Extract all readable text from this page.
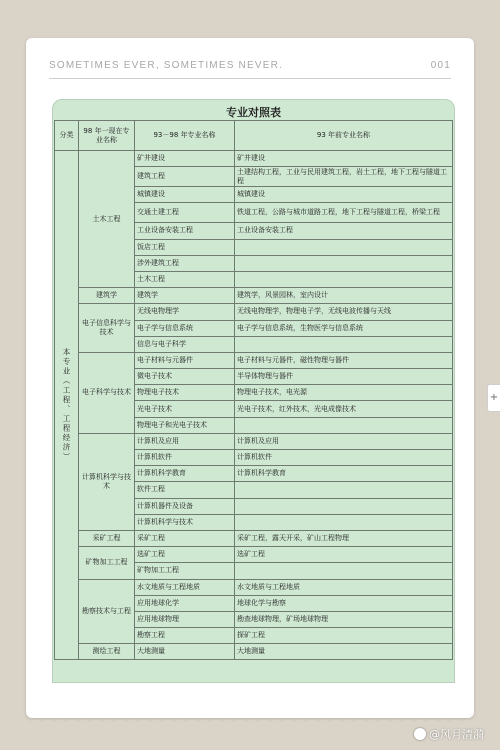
SOMETIMES EVER, SOMETIMES NEVER.	001
专业对照表
分类	98 年一现在专业名称	93－98 年专业名称	93 年前专业名称

本专业（工程、工程经济）	土木工程	矿井建设	矿井建设
		建筑工程	土建结构工程，工业与民用建筑工程，岩土工程，地下工程与隧道工程
		城镇建设	城镇建设
		交通土建工程	铁道工程，公路与城市道路工程，地下工程与隧道工程，桥梁工程
		工业设备安装工程	工业设备安装工程
		饭店工程	
		涉外建筑工程	
		土木工程	
	建筑学	建筑学	建筑学，风景园林，室内设计
	电子信息科学与技术	无线电物理学	无线电物理学，物理电子学，无线电波传播与天线
		电子学与信息系统	电子学与信息系统，生物医学与信息系统
		信息与电子科学	
	电子科学与技术	电子材料与元器件	电子材料与元器件，磁性物理与器件
		微电子技术	半导体物理与器件
		物理电子技术	物理电子技术，电光源
		光电子技术	光电子技术，红外技术，光电成像技术
		物理电子和光电子技术	
	计算机科学与技术	计算机及应用	计算机及应用
		计算机软件	计算机软件
		计算机科学教育	计算机科学教育
		软件工程	
		计算机器件及设备	
		计算机科学与技术	
	采矿工程	采矿工程	采矿工程，露天开采，矿山工程物理
	矿物加工工程	选矿工程	选矿工程
		矿物加工工程	
	勘察技术与工程	水文地质与工程地质	水文地质与工程地质
		应用地球化学	地球化学与勘察
		应用地球物理	勘查地球物理，矿场地球物理
		勘察工程	探矿工程
	测绘工程	大地测量	大地测量
@风月清漪
+
